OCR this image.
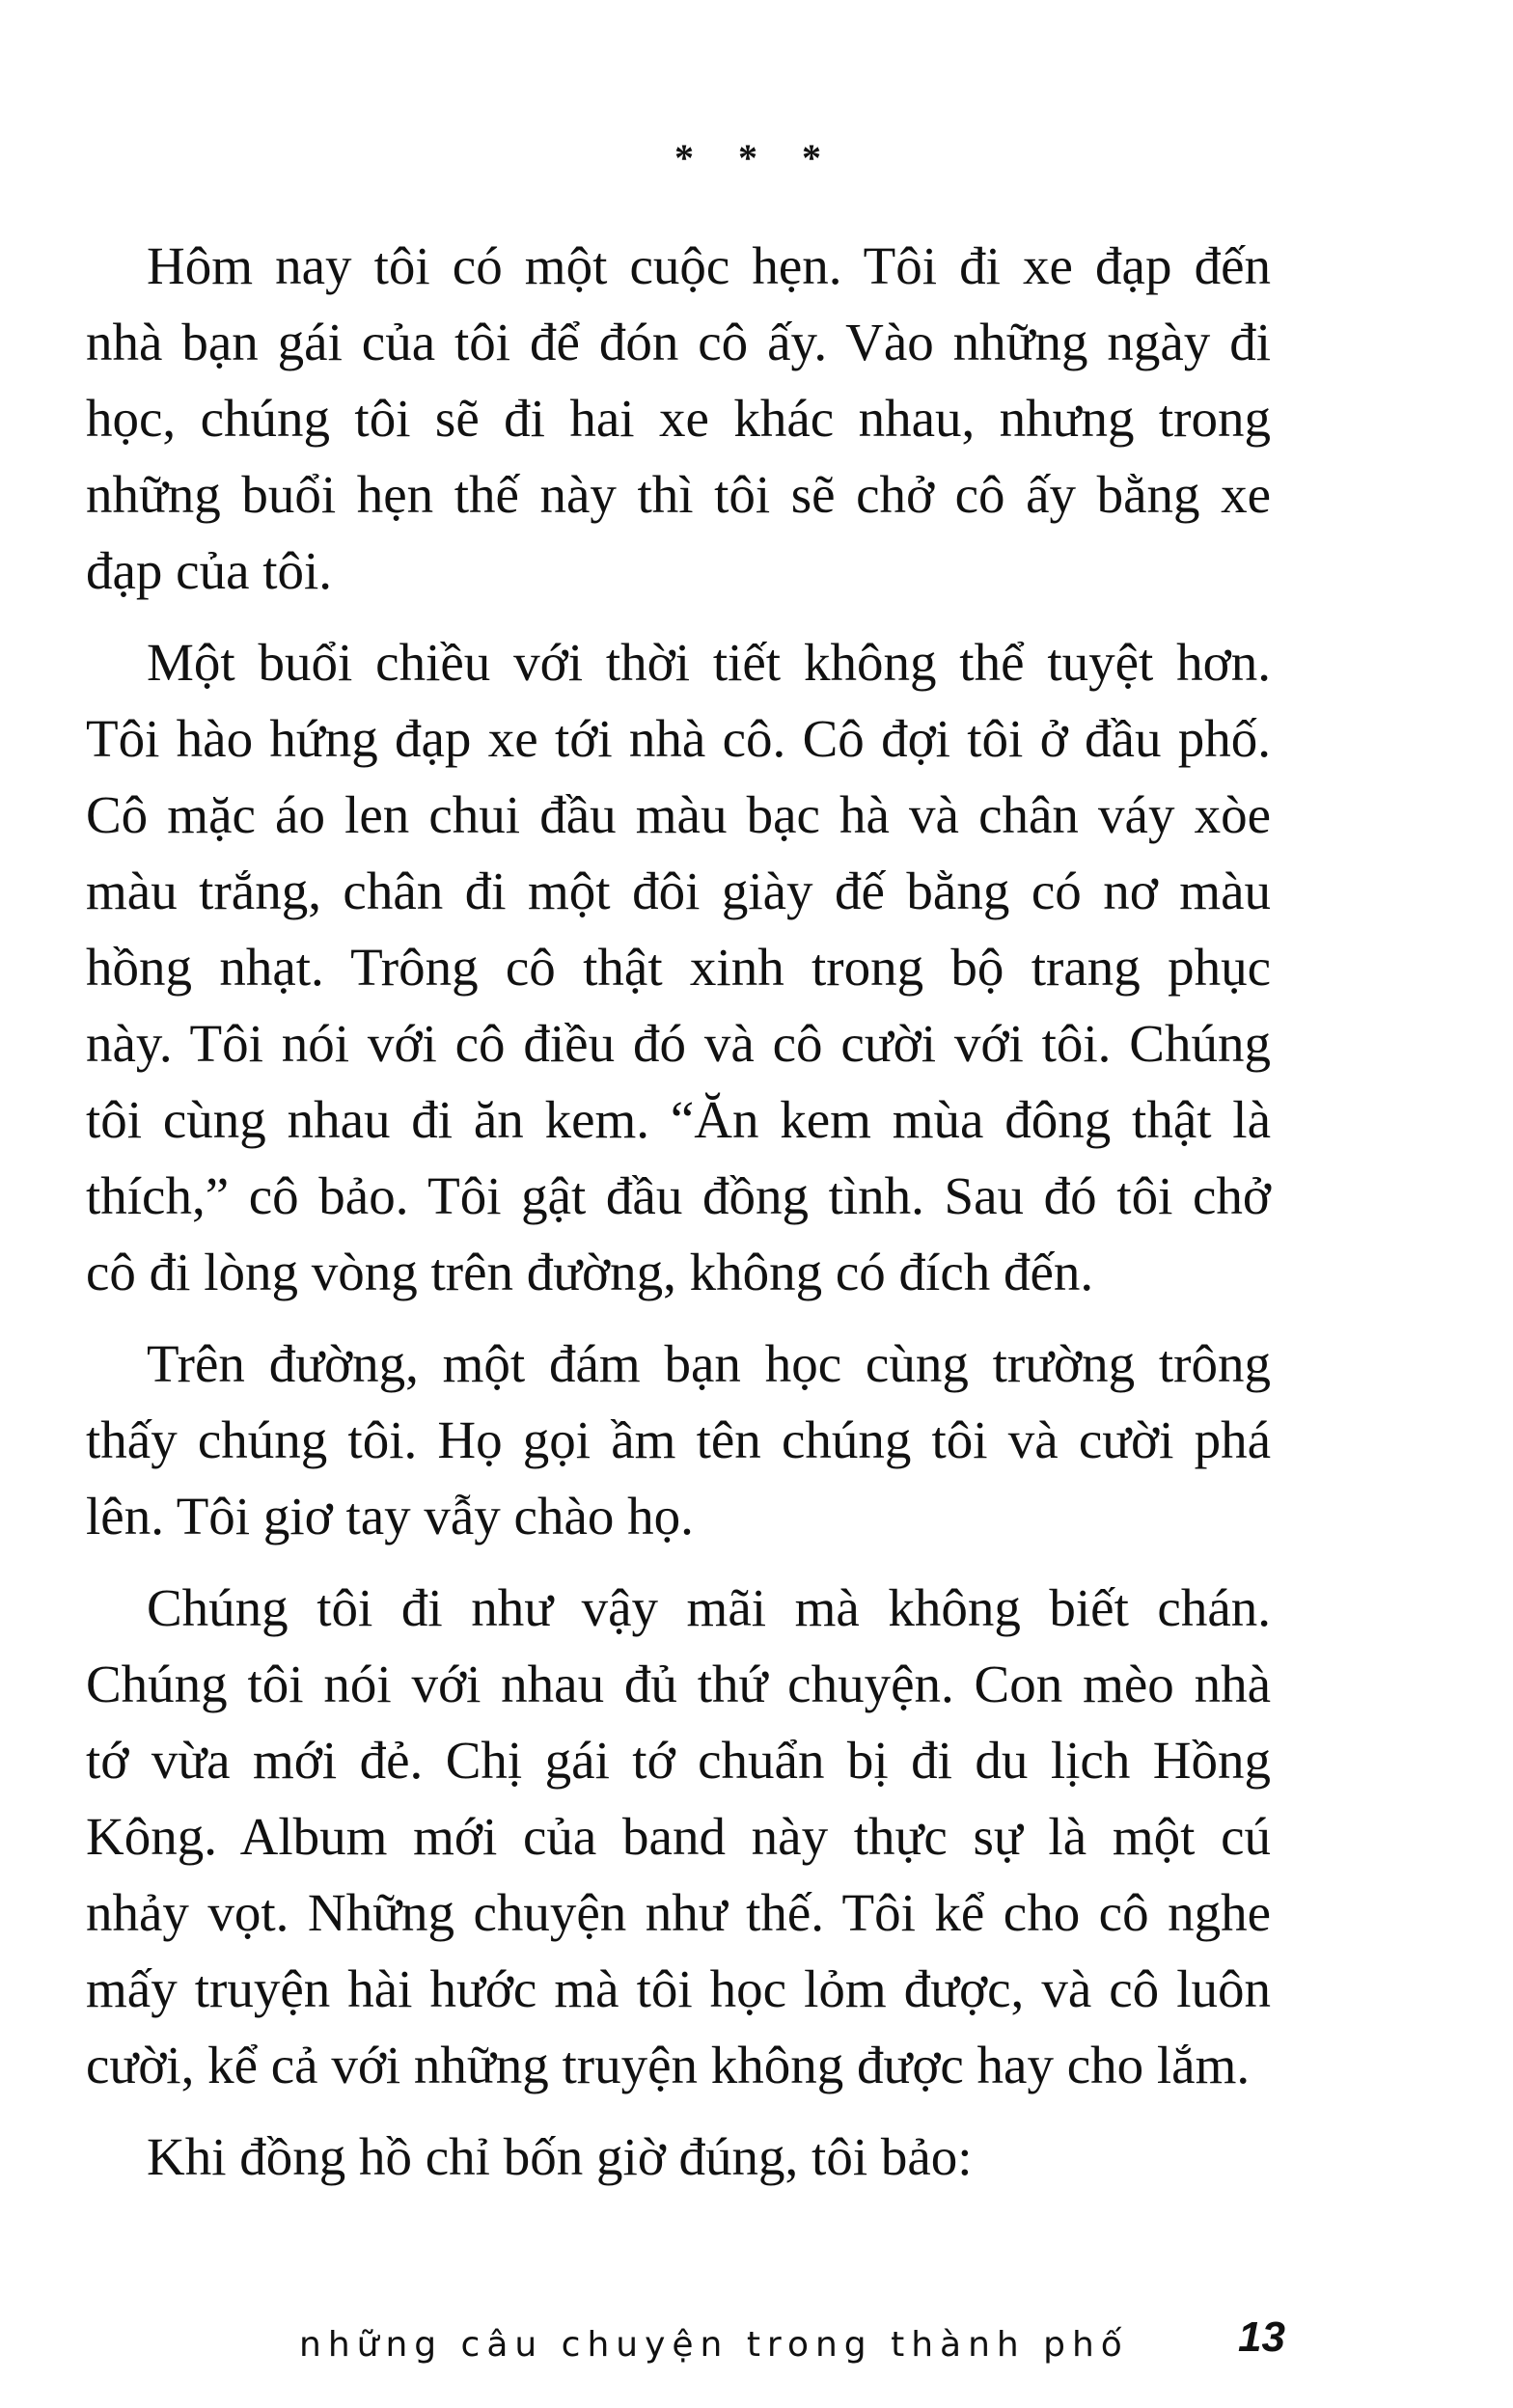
* * *
Hôm nay tôi có một cuộc hẹn. Tôi đi xe đạp đến
nhà bạn gái của tôi để đón cô ấy. Vào những ngày đi
học, chúng tôi sẽ đi hai xe khác nhau, nhưng trong
những buổi hẹn thế này thì tôi sẽ chở cô ấy bằng xe
đạp của tôi.
Một buổi chiều với thời tiết không thể tuyệt hơn.
Tôi hào hứng đạp xe tới nhà cô. Cô đợi tôi ở đầu phố.
Cô mặc áo len chui đầu màu bạc hà và chân váy xòe
màu trắng, chân đi một đôi giày đế bằng có nơ màu
hồng nhạt. Trông cô thật xinh trong bộ trang phục
này. Tôi nói với cô điều đó và cô cười với tôi. Chúng
tôi cùng nhau đi ăn kem. “Ăn kem mùa đông thật là
thích,” cô bảo. Tôi gật đầu đồng tình. Sau đó tôi chở
cô đi lòng vòng trên đường, không có đích đến.
Trên đường, một đám bạn học cùng trường trông
thấy chúng tôi. Họ gọi ầm tên chúng tôi và cười phá
lên. Tôi giơ tay vẫy chào họ.
Chúng tôi đi như vậy mãi mà không biết chán.
Chúng tôi nói với nhau đủ thứ chuyện. Con mèo nhà
tớ vừa mới đẻ. Chị gái tớ chuẩn bị đi du lịch Hồng
Kông. Album mới của band này thực sự là một cú
nhảy vọt. Những chuyện như thế. Tôi kể cho cô nghe
mấy truyện hài hước mà tôi học lỏm được, và cô luôn
cười, kể cả với những truyện không được hay cho lắm.
Khi đồng hồ chỉ bốn giờ đúng, tôi bảo:
những câu chuyện trong thành phố	13
